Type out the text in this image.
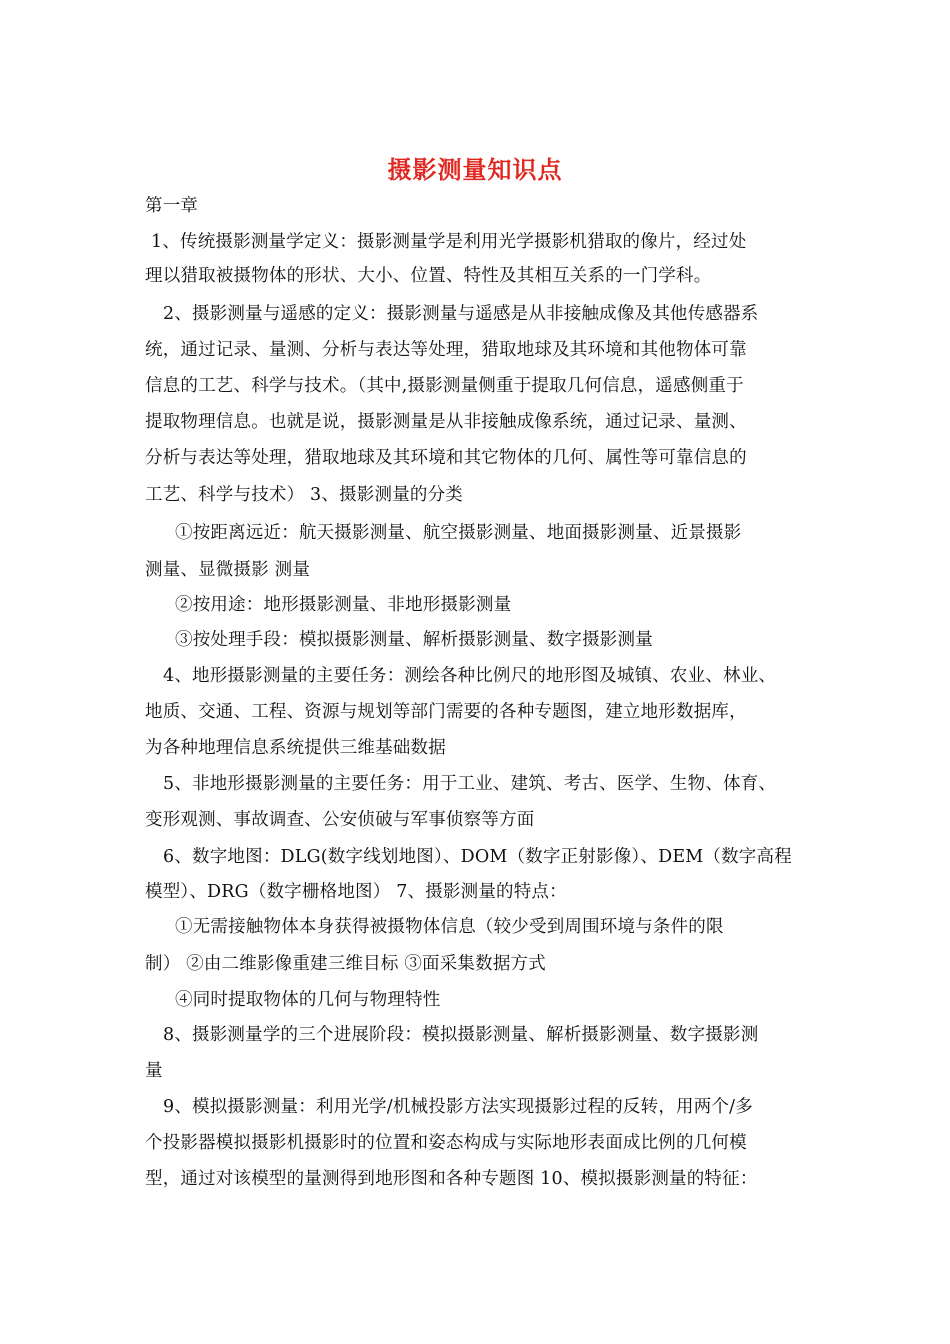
摄影测量知识点
第一章
1、传统摄影测量学定义：摄影测量学是利用光学摄影机猎取的像片，经过处
理以猎取被摄物体的形状、大小、位置、特性及其相互关系的一门学科。
2、摄影测量与遥感的定义：摄影测量与遥感是从非接触成像及其他传感器系
统，通过记录、量测、分析与表达等处理，猎取地球及其环境和其他物体可靠
信息的工艺、科学与技术。（其中,摄影测量侧重于提取几何信息，遥感侧重于
提取物理信息。也就是说，摄影测量是从非接触成像系统，通过记录、量测、
分析与表达等处理，猎取地球及其环境和其它物体的几何、属性等可靠信息的
工艺、科学与技术） 3、摄影测量的分类
①按距离远近：航天摄影测量、航空摄影测量、地面摄影测量、近景摄影
测量、显微摄影 测量
②按用途：地形摄影测量、非地形摄影测量
③按处理手段：模拟摄影测量、解析摄影测量、数字摄影测量
4、地形摄影测量的主要任务：测绘各种比例尺的地形图及城镇、农业、林业、
地质、交通、工程、资源与规划等部门需要的各种专题图，建立地形数据库，
为各种地理信息系统提供三维基础数据
5、非地形摄影测量的主要任务：用于工业、建筑、考古、医学、生物、体育、
变形观测、事故调查、公安侦破与军事侦察等方面
6、数字地图：DLG(数字线划地图）、DOM（数字正射影像）、DEM（数字高程
模型）、DRG（数字栅格地图） 7、摄影测量的特点：
①无需接触物体本身获得被摄物体信息（较少受到周围环境与条件的限
制） ②由二维影像重建三维目标 ③面采集数据方式
④同时提取物体的几何与物理特性
8、摄影测量学的三个进展阶段：模拟摄影测量、解析摄影测量、数字摄影测
量
9、模拟摄影测量：利用光学/机械投影方法实现摄影过程的反转，用两个/多
个投影器模拟摄影机摄影时的位置和姿态构成与实际地形表面成比例的几何模
型，通过对该模型的量测得到地形图和各种专题图 10、模拟摄影测量的特征：
